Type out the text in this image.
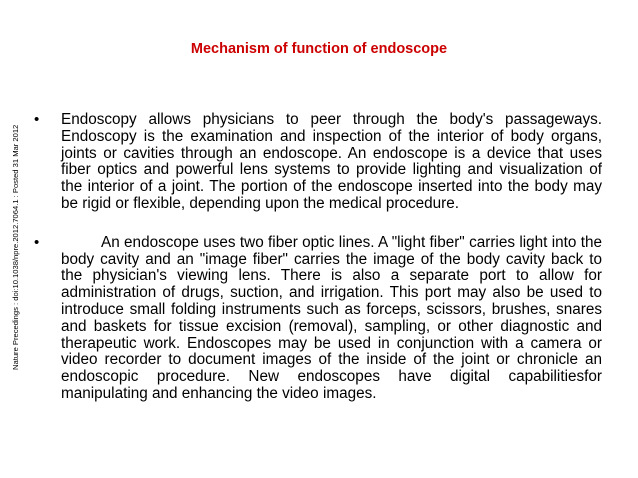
Mechanism of function of endoscope
Nature Precedings : doi:10.1038/npre.2012.7064.1 : Posted 31 Mar 2012
• Endoscopy allows physicians to peer through the body's passageways. Endoscopy is the examination and inspection of the interior of body organs, joints or cavities through an endoscope. An endoscope is a device that uses fiber optics and powerful lens systems to provide lighting and visualization of the interior of a joint. The portion of the endoscope inserted into the body may be rigid or flexible, depending upon the medical procedure.
•	An endoscope uses two fiber optic lines. A "light fiber" carries light into the body cavity and an "image fiber" carries the image of the body cavity back to the physician's viewing lens. There is also a separate port to allow for administration of drugs, suction, and irrigation. This port may also be used to introduce small folding instruments such as forceps, scissors, brushes, snares and baskets for tissue excision (removal), sampling, or other diagnostic and therapeutic work. Endoscopes may be used in conjunction with a camera or video recorder to document images of the inside of the joint or chronicle an endoscopic procedure. New endoscopes have digital capabilitiesfor manipulating and enhancing the video images.
